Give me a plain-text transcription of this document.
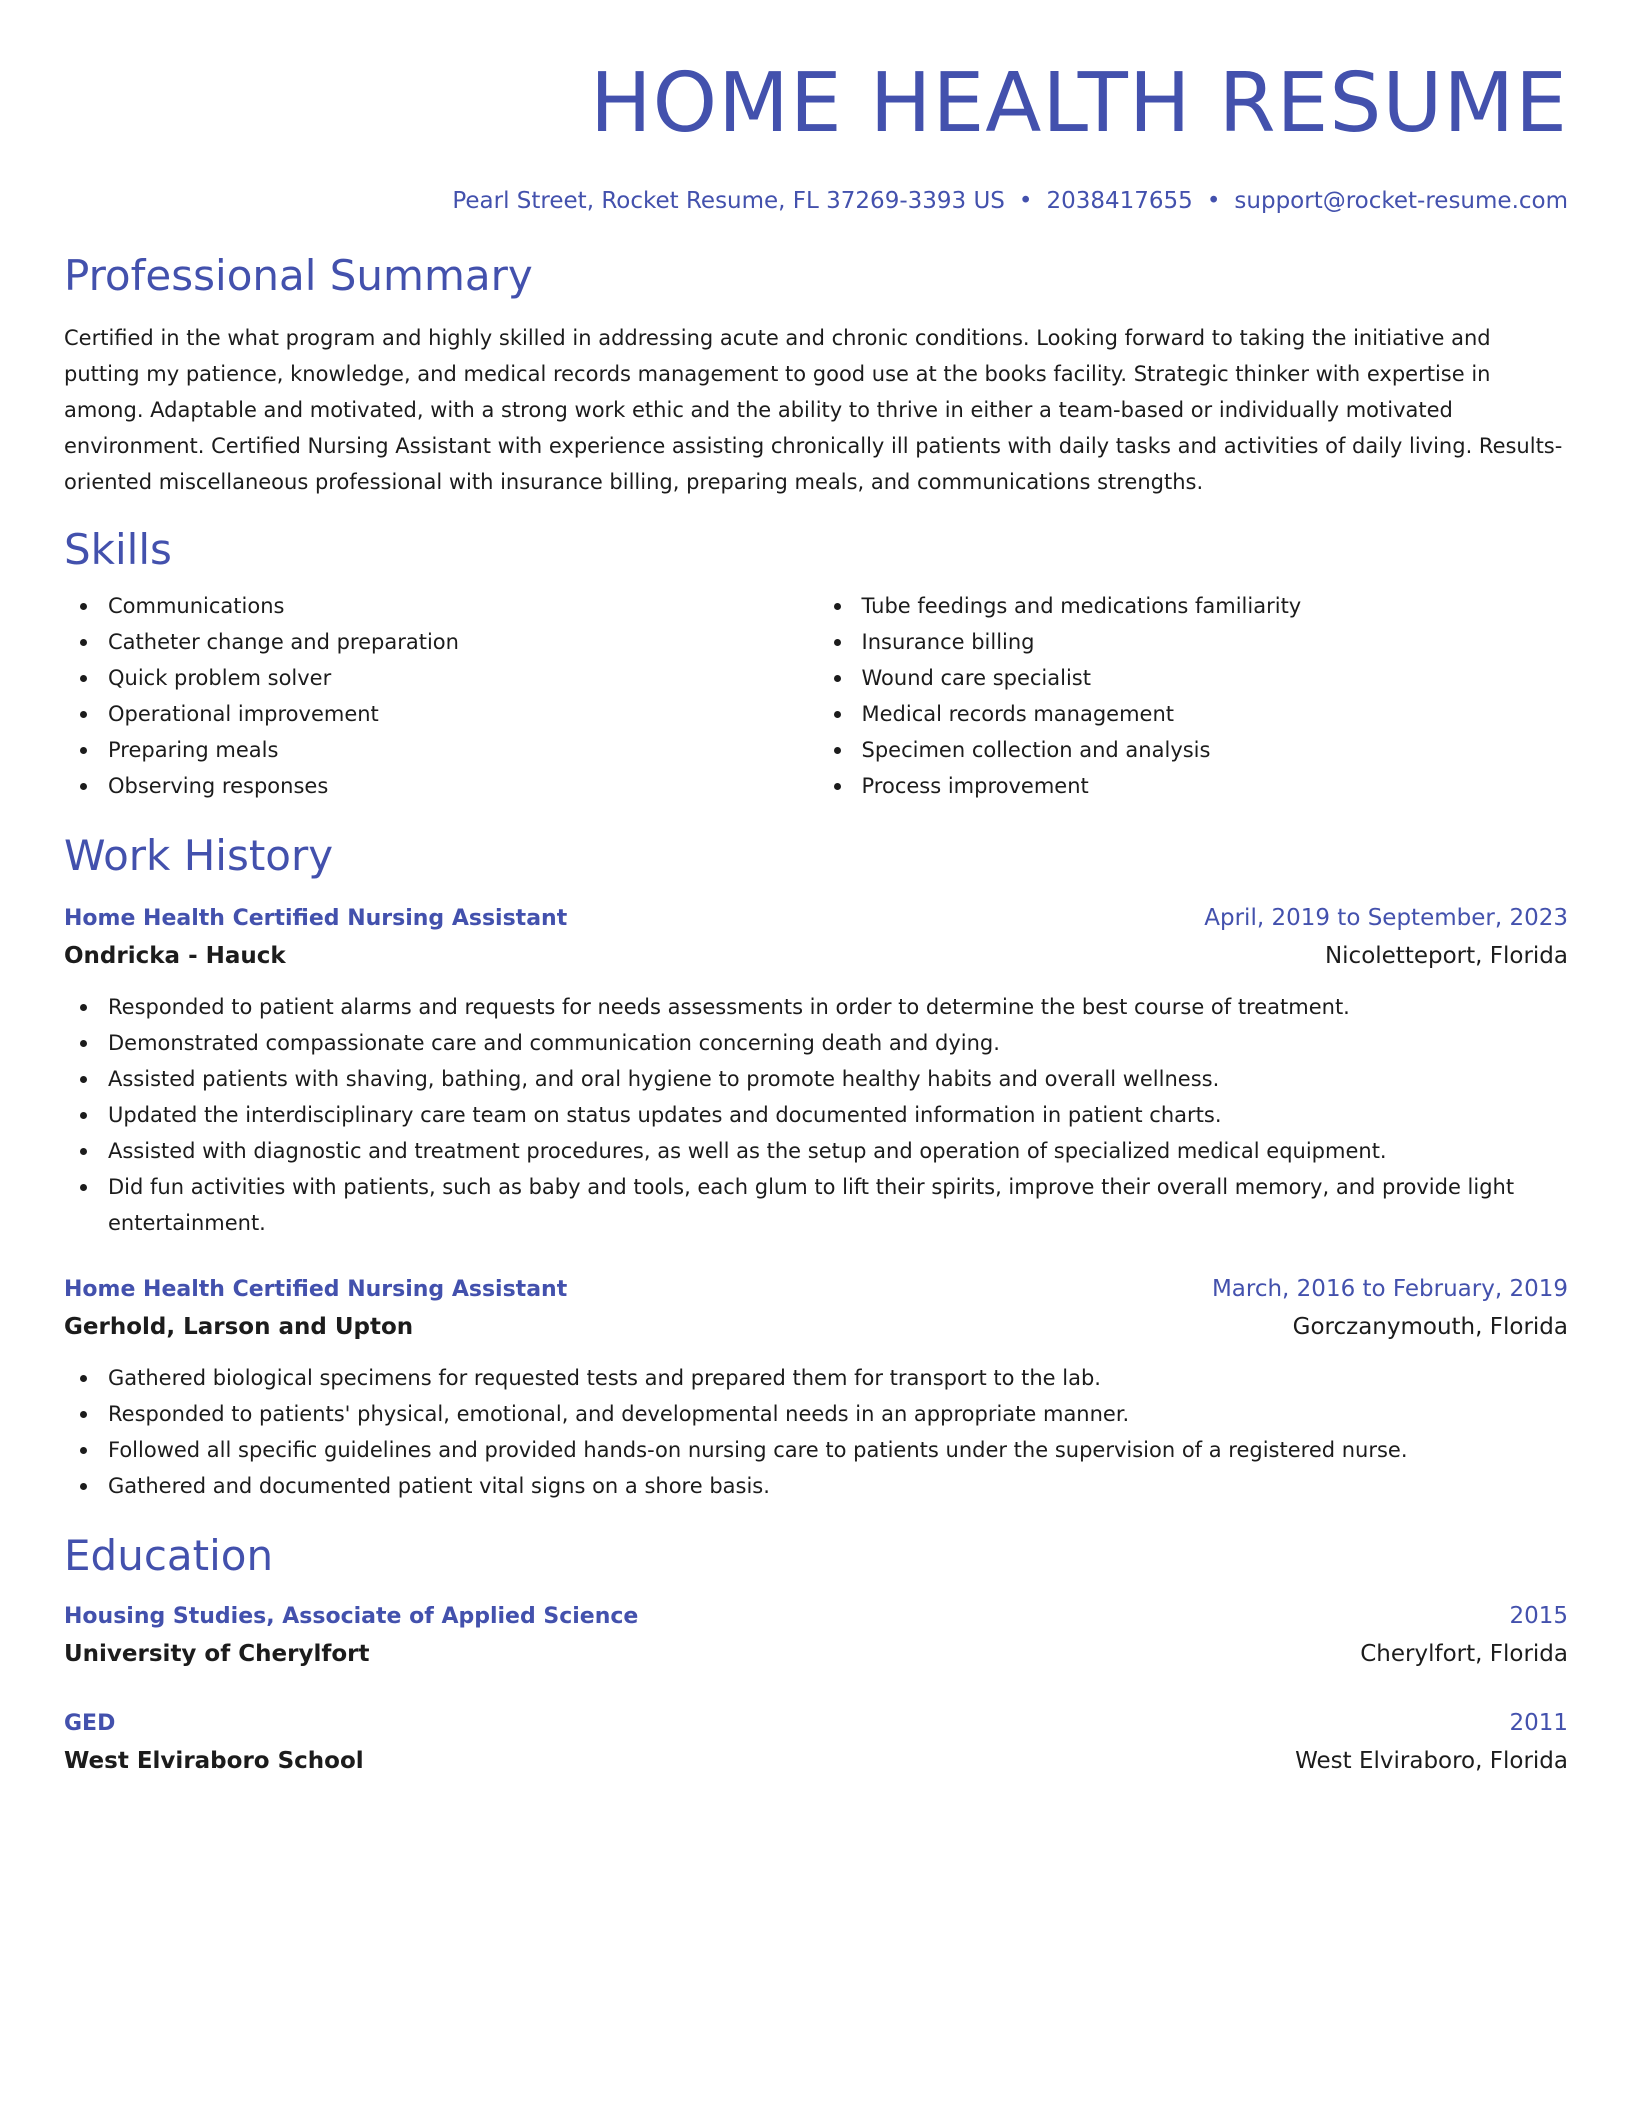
HOME HEALTH RESUME
Pearl Street, Rocket Resume, FL 37269-3393 US • 2038417655 • support@rocket-resume.com
Professional Summary
Certified in the what program and highly skilled in addressing acute and chronic conditions. Looking forward to taking the initiative and putting my patience, knowledge, and medical records management to good use at the books facility. Strategic thinker with expertise in among. Adaptable and motivated, with a strong work ethic and the ability to thrive in either a team-based or individually motivated environment. Certified Nursing Assistant with experience assisting chronically ill patients with daily tasks and activities of daily living. Results-oriented miscellaneous professional with insurance billing, preparing meals, and communications strengths.
Skills
Communications
Catheter change and preparation
Quick problem solver
Operational improvement
Preparing meals
Observing responses
Tube feedings and medications familiarity
Insurance billing
Wound care specialist
Medical records management
Specimen collection and analysis
Process improvement
Work History
Home Health Certified Nursing Assistant	April, 2019 to September, 2023
Ondricka - Hauck	Nicoletteport, Florida
Responded to patient alarms and requests for needs assessments in order to determine the best course of treatment.
Demonstrated compassionate care and communication concerning death and dying.
Assisted patients with shaving, bathing, and oral hygiene to promote healthy habits and overall wellness.
Updated the interdisciplinary care team on status updates and documented information in patient charts.
Assisted with diagnostic and treatment procedures, as well as the setup and operation of specialized medical equipment.
Did fun activities with patients, such as baby and tools, each glum to lift their spirits, improve their overall memory, and provide light entertainment.
Home Health Certified Nursing Assistant	March, 2016 to February, 2019
Gerhold, Larson and Upton	Gorczanymouth, Florida
Gathered biological specimens for requested tests and prepared them for transport to the lab.
Responded to patients' physical, emotional, and developmental needs in an appropriate manner.
Followed all specific guidelines and provided hands-on nursing care to patients under the supervision of a registered nurse.
Gathered and documented patient vital signs on a shore basis.
Education
Housing Studies, Associate of Applied Science	2015
University of Cherylfort	Cherylfort, Florida
GED	2011
West Elviraboro School	West Elviraboro, Florida
